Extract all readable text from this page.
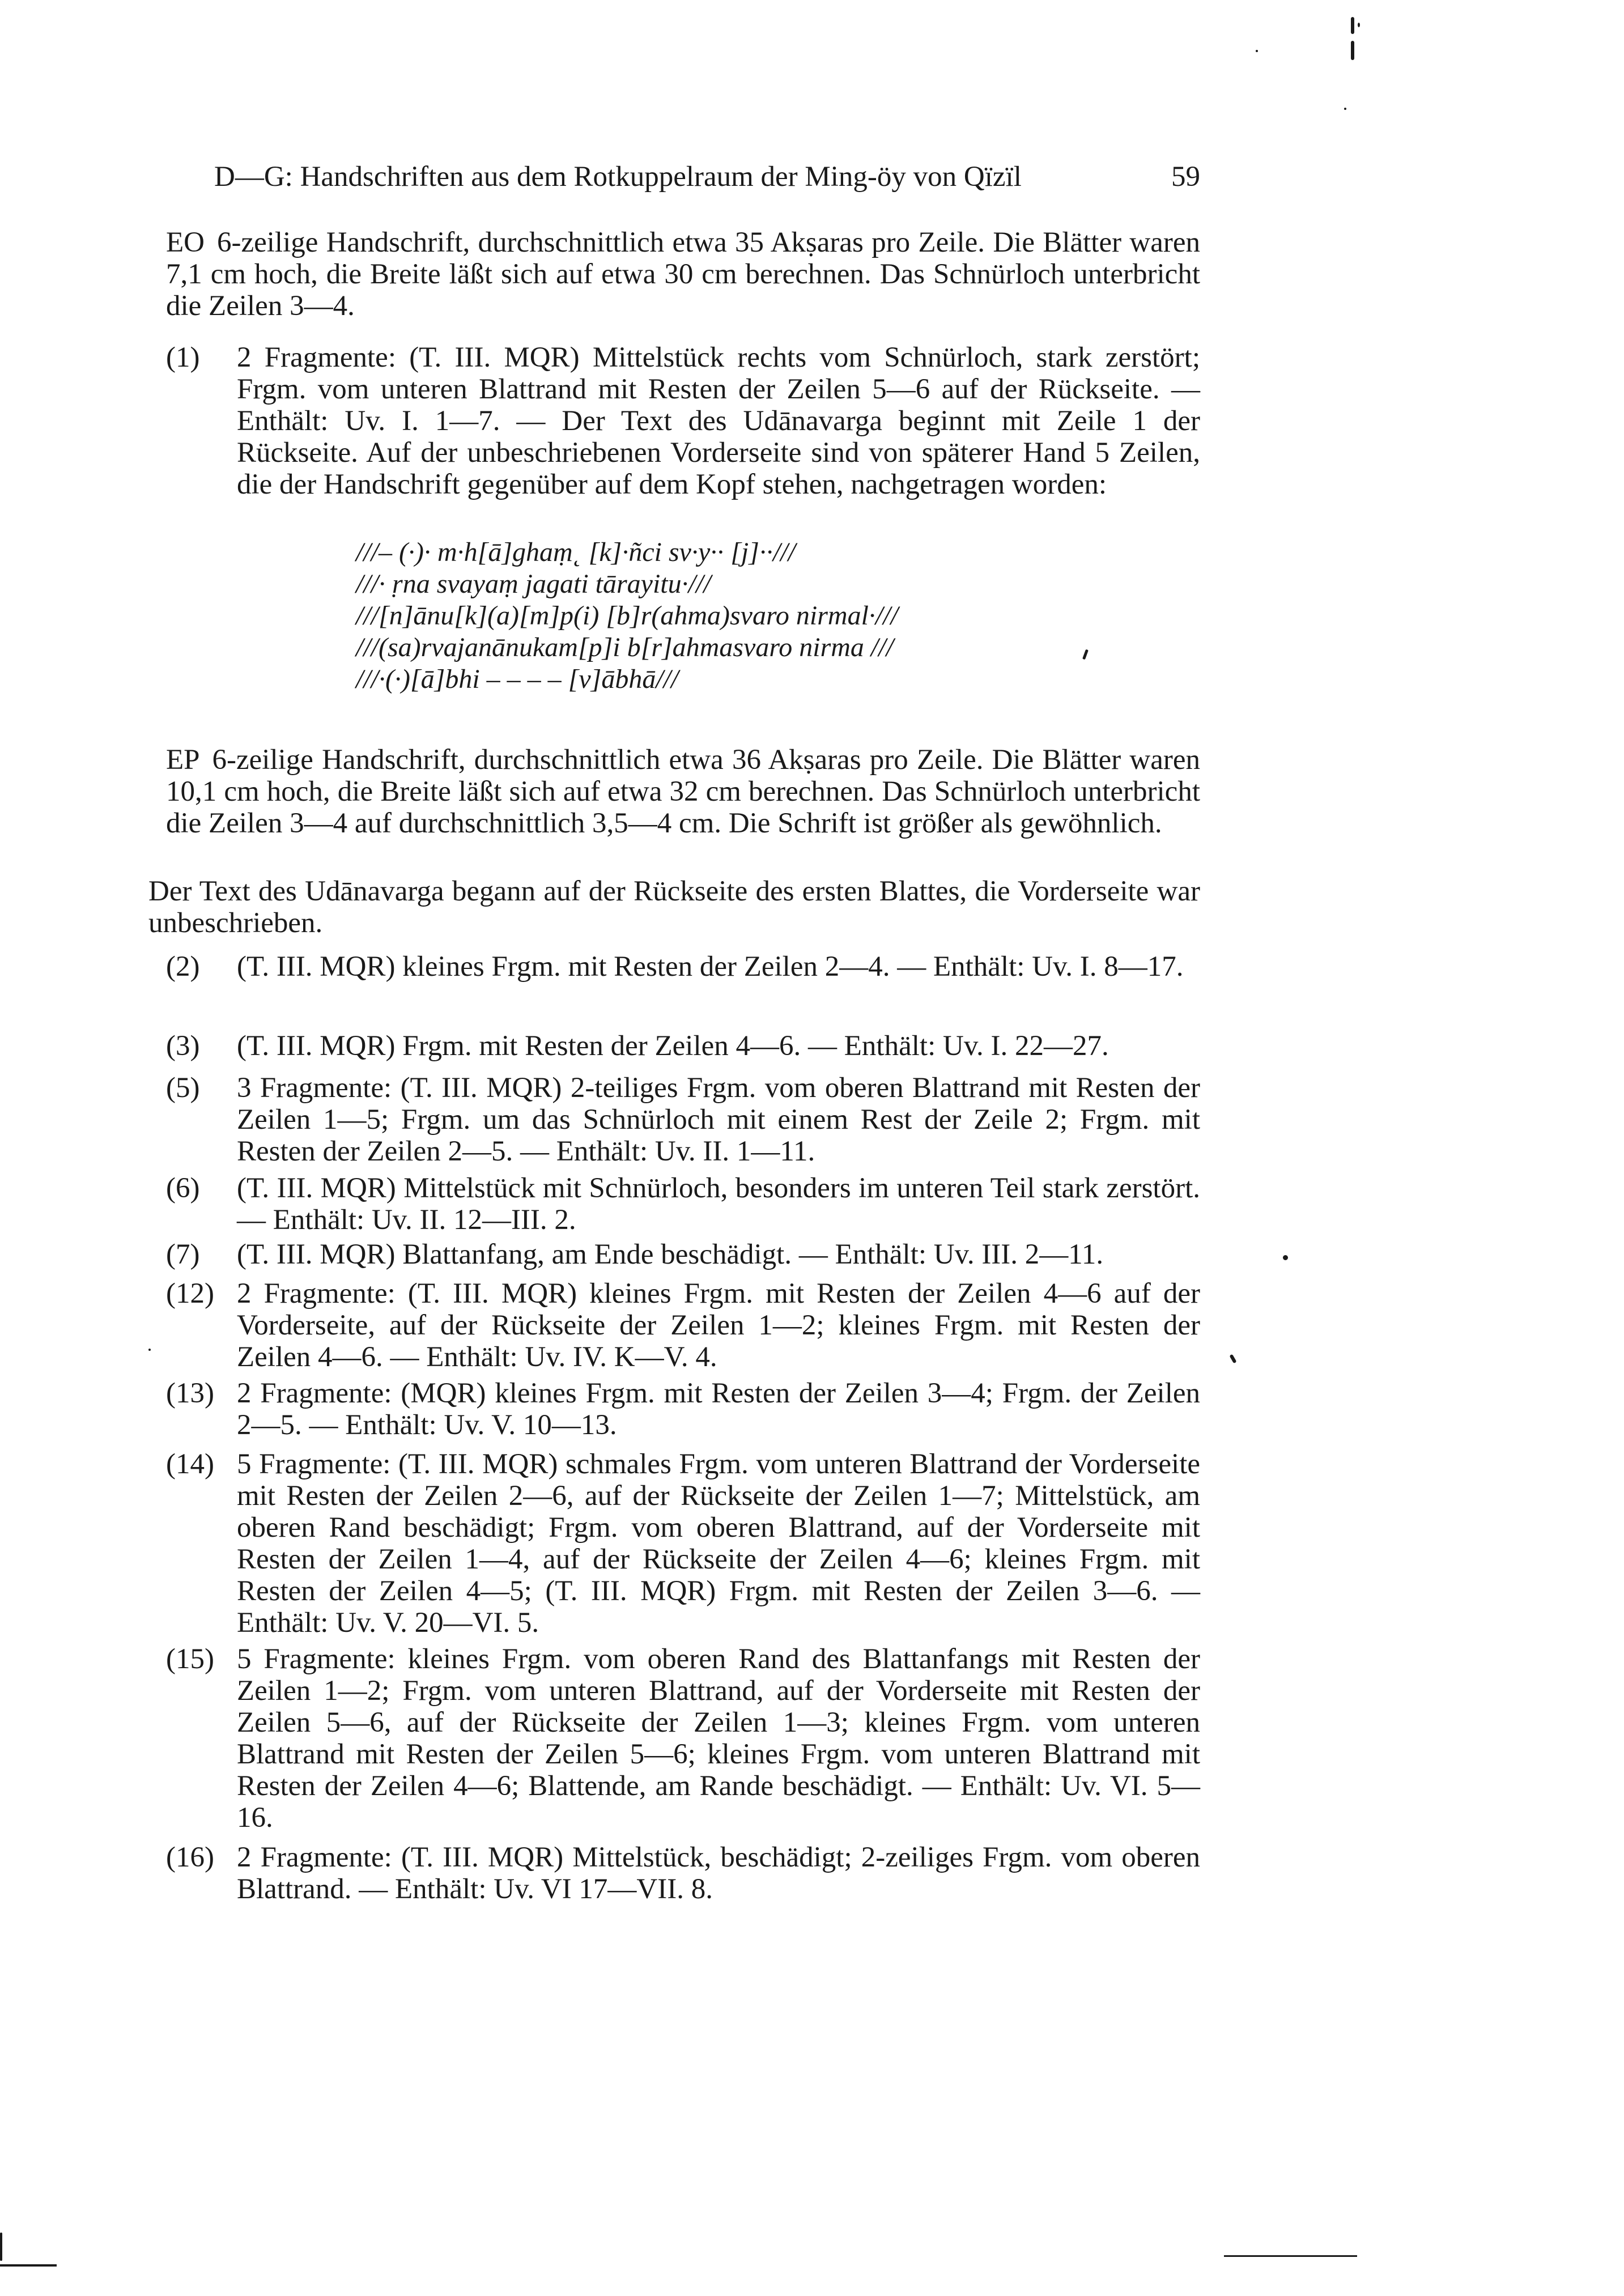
D—G: Handschriften aus dem Rotkuppelraum der Ming-öy von Qïzïl	59

EO 6-zeilige Handschrift, durchschnittlich etwa 35 Akṣaras pro Zeile. Die Blätter waren 7,1 cm hoch, die Breite läßt sich auf etwa 30 cm berechnen. Das Schnürloch unterbricht die Zeilen 3—4.

(1) 2 Fragmente: (T. III. MQR) Mittelstück rechts vom Schnürloch, stark zerstört; Frgm. vom unteren Blattrand mit Resten der Zeilen 5—6 auf der Rückseite. — Enthält: Uv. I. 1—7. — Der Text des Udānavarga beginnt mit Zeile 1 der Rückseite. Auf der unbeschriebenen Vorderseite sind von späterer Hand 5 Zeilen, die der Handschrift gegenüber auf dem Kopf stehen, nachgetragen worden:
///– (·)· m·h[ā]ghaṃ˛ [k]·ñci sv·y·· [j]··///
///· ṛna svayaṃ jagati tārayitu·///
///[n]ānu[k](a)[m]p(i) [b]r(ahma)svaro nirmal·///
///(sa)rvajanānukam[p]i b[r]ahmasvaro nirma ///
///·(·)[ā]bhi – – – – [v]ābhā///

EP 6-zeilige Handschrift, durchschnittlich etwa 36 Akṣaras pro Zeile. Die Blätter waren 10,1 cm hoch, die Breite läßt sich auf etwa 32 cm berechnen. Das Schnürloch unterbricht die Zeilen 3—4 auf durchschnittlich 3,5—4 cm. Die Schrift ist größer als gewöhnlich.

Der Text des Udānavarga begann auf der Rückseite des ersten Blattes, die Vorderseite war unbeschrieben.

(2) (T. III. MQR) kleines Frgm. mit Resten der Zeilen 2—4. — Enthält: Uv. I. 8—17.
(3) (T. III. MQR) Frgm. mit Resten der Zeilen 4—6. — Enthält: Uv. I. 22—27.
(5) 3 Fragmente: (T. III. MQR) 2-teiliges Frgm. vom oberen Blattrand mit Resten der Zeilen 1—5; Frgm. um das Schnürloch mit einem Rest der Zeile 2; Frgm. mit Resten der Zeilen 2—5. — Enthält: Uv. II. 1—11.
(6) (T. III. MQR) Mittelstück mit Schnürloch, besonders im unteren Teil stark zerstört. — Enthält: Uv. II. 12—III. 2.
(7) (T. III. MQR) Blattanfang, am Ende beschädigt. — Enthält: Uv. III. 2—11.
(12) 2 Fragmente: (T. III. MQR) kleines Frgm. mit Resten der Zeilen 4—6 auf der Vorderseite, auf der Rückseite der Zeilen 1—2; kleines Frgm. mit Resten der Zeilen 4—6. — Enthält: Uv. IV. K—V. 4.
(13) 2 Fragmente: (MQR) kleines Frgm. mit Resten der Zeilen 3—4; Frgm. der Zeilen 2—5. — Enthält: Uv. V. 10—13.
(14) 5 Fragmente: (T. III. MQR) schmales Frgm. vom unteren Blattrand der Vorderseite mit Resten der Zeilen 2—6, auf der Rückseite der Zeilen 1—7; Mittelstück, am oberen Rand beschädigt; Frgm. vom oberen Blattrand, auf der Vorderseite mit Resten der Zeilen 1—4, auf der Rückseite der Zeilen 4—6; kleines Frgm. mit Resten der Zeilen 4—5; (T. III. MQR) Frgm. mit Resten der Zeilen 3—6. — Enthält: Uv. V. 20—VI. 5.
(15) 5 Fragmente: kleines Frgm. vom oberen Rand des Blattanfangs mit Resten der Zeilen 1—2; Frgm. vom unteren Blattrand, auf der Vorderseite mit Resten der Zeilen 5—6, auf der Rückseite der Zeilen 1—3; kleines Frgm. vom unteren Blattrand mit Resten der Zeilen 5—6; kleines Frgm. vom unteren Blattrand mit Resten der Zeilen 4—6; Blattende, am Rande beschädigt. — Enthält: Uv. VI. 5—16.
(16) 2 Fragmente: (T. III. MQR) Mittelstück, beschädigt; 2-zeiliges Frgm. vom oberen Blattrand. — Enthält: Uv. VI 17—VII. 8.
